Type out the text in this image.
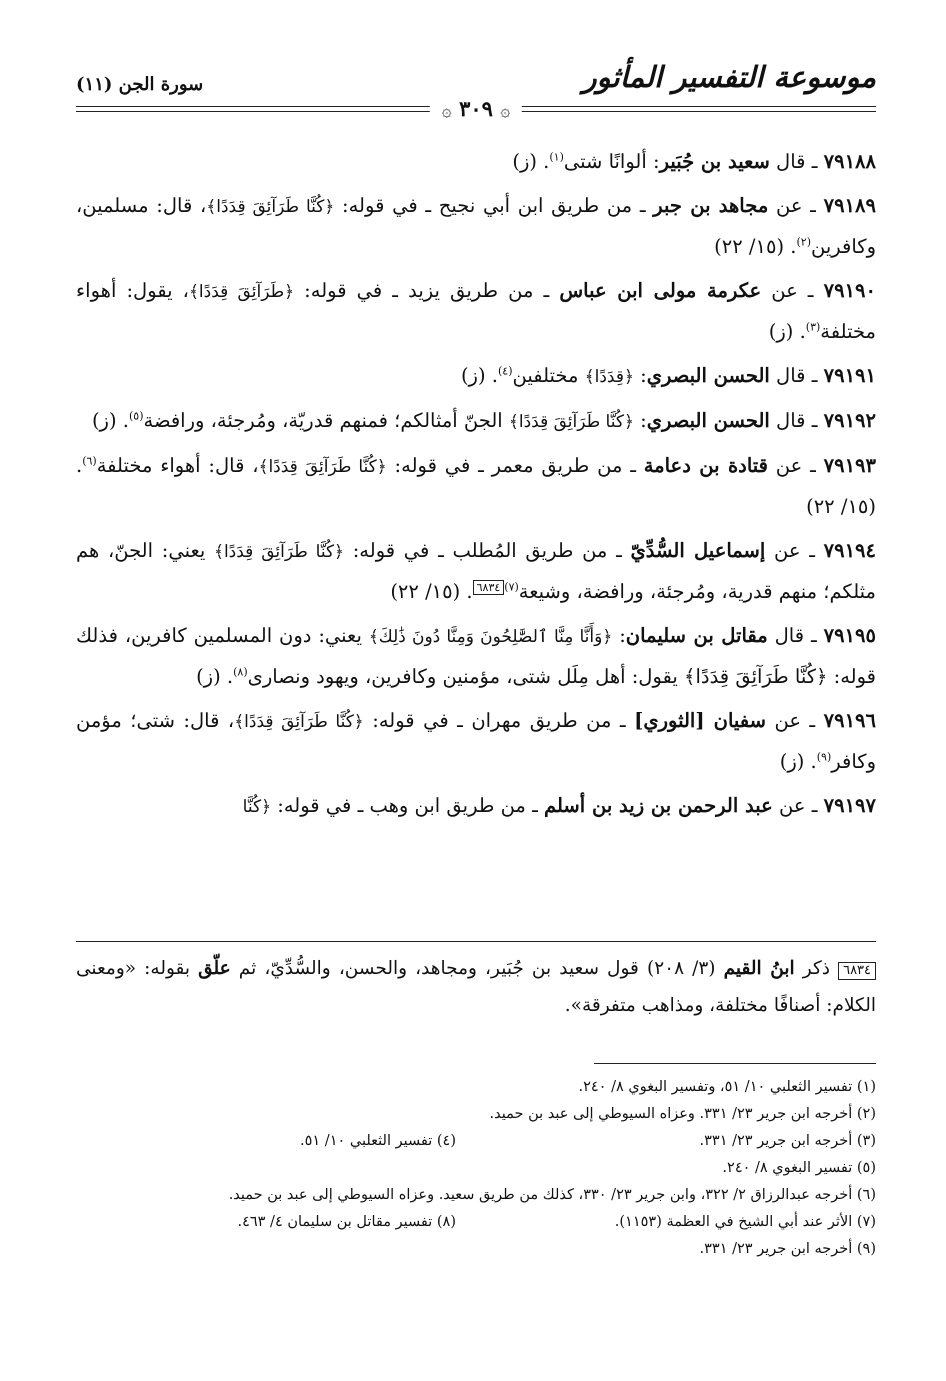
موسوعة التفسير المأثور
سورة الجن (١١)
۞ ٣٠٩ ۞

٧٩١٨٨ ـ قال سعيد بن جُبَير: ألوانًا شتى$^{(١)}$. (ز)

٧٩١٨٩ ـ عن مجاهد بن جبر ـ من طريق ابن أبي نجيح ـ في قوله: ﴿كُنَّا طَرَآئِقَ قِدَدًا﴾، قال: مسلمين، وكافرين$^{(٢)}$. (١٥/ ٢٢)

٧٩١٩٠ ـ عن عكرمة مولى ابن عباس ـ من طريق يزيد ـ في قوله: ﴿طَرَآئِقَ قِدَدًا﴾، يقول: أهواء مختلفة$^{(٣)}$. (ز)

٧٩١٩١ ـ قال الحسن البصري: ﴿قِدَدًا﴾ مختلفين$^{(٤)}$. (ز)

٧٩١٩٢ ـ قال الحسن البصري: ﴿كُنَّا طَرَآئِقَ قِدَدًا﴾ الجنّ أمثالكم؛ فمنهم قدريّة، ومُرجئة، ورافضة$^{(٥)}$. (ز)

٧٩١٩٣ ـ عن قتادة بن دعامة ـ من طريق معمر ـ في قوله: ﴿كُنَّا طَرَآئِقَ قِدَدًا﴾، قال: أهواء مختلفة$^{(٦)}$. (١٥/ ٢٢)

٧٩١٩٤ ـ عن إسماعيل السُّدِّيّ ـ من طريق المُطلب ـ في قوله: ﴿كُنَّا طَرَآئِقَ قِدَدًا﴾ يعني: الجنّ، هم مثلكم؛ منهم قدرية، ومُرجئة، ورافضة، وشيعة$^{(٧)}$٦٨٣٤. (١٥/ ٢٢)

٧٩١٩٥ ـ قال مقاتل بن سليمان: ﴿وَأَنَّا مِنَّا ٱلصَّٰلِحُونَ وَمِنَّا دُونَ ذَٰلِكَ﴾ يعني: دون المسلمين كافرين، فذلك قوله: ﴿كُنَّا طَرَآئِقَ قِدَدًا﴾ يقول: أهل مِلَل شتى، مؤمنين وكافرين، ويهود ونصارى$^{(٨)}$. (ز)

٧٩١٩٦ ـ عن سفيان [الثوري] ـ من طريق مهران ـ في قوله: ﴿كُنَّا طَرَآئِقَ قِدَدًا﴾، قال: شتى؛ مؤمن وكافر$^{(٩)}$. (ز)

٧٩١٩٧ ـ عن عبد الرحمن بن زيد بن أسلم ـ من طريق ابن وهب ـ في قوله: ﴿كُنَّا

٦٨٣٤ ذكر ابنُ القيم (٣/ ٢٠٨) قول سعيد بن جُبَير، ومجاهد، والحسن، والسُّدِّيّ، ثم علّق بقوله: «ومعنى الكلام: أصنافًا مختلفة، ومذاهب متفرقة».
(١) تفسير الثعلبي ١٠/ ٥١، وتفسير البغوي ٨/ ٢٤٠.
(٢) أخرجه ابن جرير ٢٣/ ٣٣١. وعزاه السيوطي إلى عبد بن حميد.
(٣) أخرجه ابن جرير ٢٣/ ٣٣١.
(٤) تفسير الثعلبي ١٠/ ٥١.
(٥) تفسير البغوي ٨/ ٢٤٠.
(٦) أخرجه عبدالرزاق ٢/ ٣٢٢، وابن جرير ٢٣/ ٣٣٠، كذلك من طريق سعيد. وعزاه السيوطي إلى عبد بن حميد.
(٧) الأثر عند أبي الشيخ في العظمة (١١٥٣).
(٨) تفسير مقاتل بن سليمان ٤/ ٤٦٣.
(٩) أخرجه ابن جرير ٢٣/ ٣٣١.
